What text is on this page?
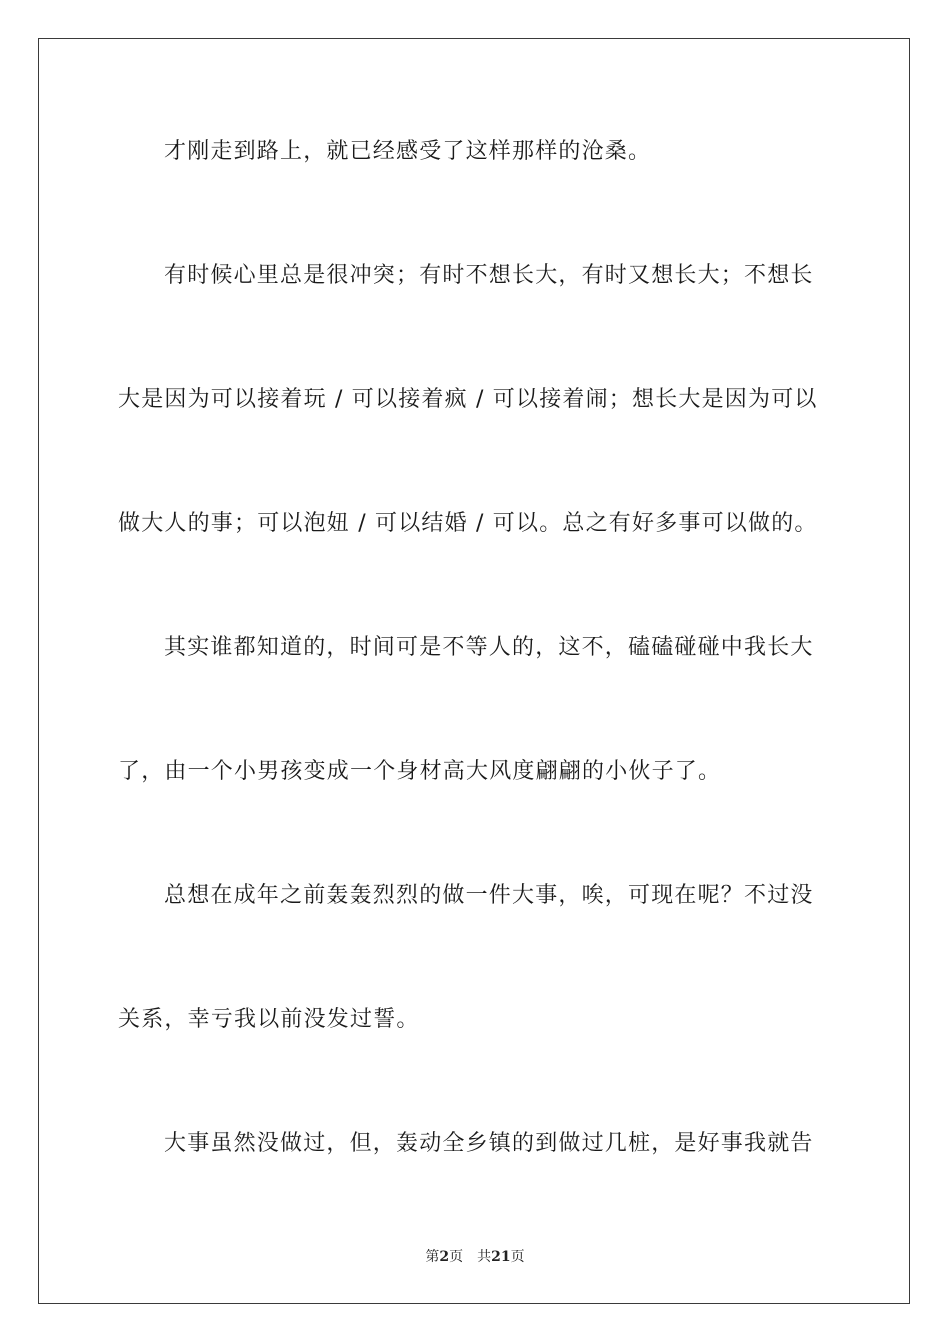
才刚走到路上，就已经感受了这样那样的沧桑。
有时候心里总是很冲突；有时不想长大，有时又想长大；不想长
大是因为可以接着玩 / 可以接着疯 / 可以接着闹；想长大是因为可以
做大人的事；可以泡妞 / 可以结婚 / 可以。总之有好多事可以做的。
其实谁都知道的，时间可是不等人的，这不，磕磕碰碰中我长大
了，由一个小男孩变成一个身材高大风度翩翩的小伙子了。
总想在成年之前轰轰烈烈的做一件大事，唉，可现在呢？不过没
关系，幸亏我以前没发过誓。
大事虽然没做过，但，轰动全乡镇的到做过几桩，是好事我就告
第2页 共21页
